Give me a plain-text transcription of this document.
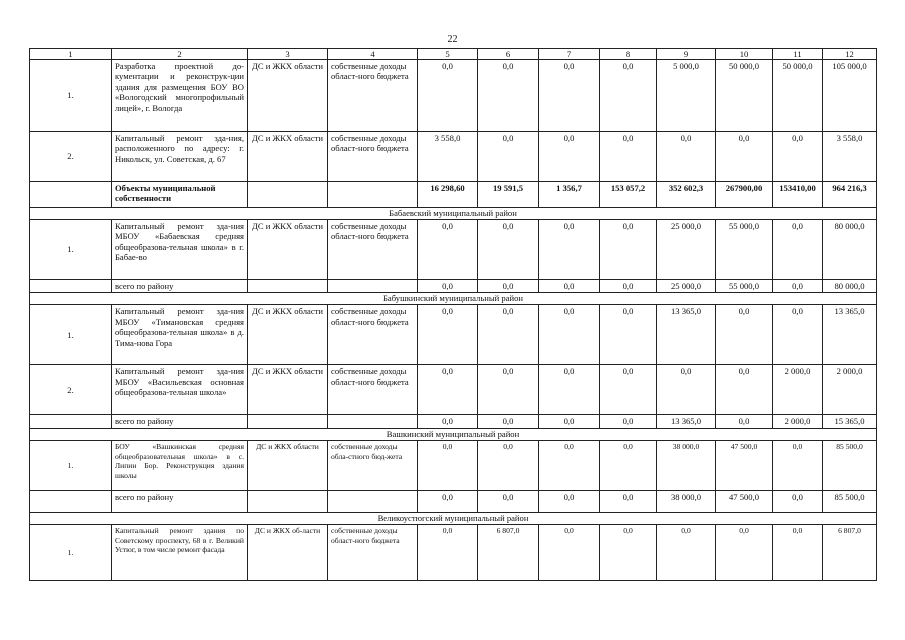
22
1	2	3	4	5	6	7	8	9	10	11	12
1.	Разработка проектной до-кументации и реконструк-ции здания для размещения БОУ ВО «Вологодский многопрофильный лицей», г. Вологда	ДС и ЖКХ области	собственные доходы област-ного бюджета	0,0	0,0	0,0	0,0	5 000,0	50 000,0	50 000,0	105 000,0
2.	Капитальный ремонт зда-ния, расположенного по адресу: г. Никольск, ул. Советская, д. 67	ДС и ЖКХ области	собственные доходы област-ного бюджета	3 558,0	0,0	0,0	0,0	0,0	0,0	0,0	3 558,0
	Объекты муниципальной собственности			16 298,60	19 591,5	1 356,7	153 057,2	352 602,3	267900,00	153410,00	964 216,3
Бабаевский муниципальный район											
1.	Капитальный ремонт зда-ния МБОУ «Бабаевская средняя общеобразова-тельная школа» в г. Бабае-во	ДС и ЖКХ области	собственные доходы област-ного бюджета	0,0	0,0	0,0	0,0	25 000,0	55 000,0	0,0	80 000,0
	всего по району			0,0	0,0	0,0	0,0	25 000,0	55 000,0	0,0	80 000,0
Бабушкинский муниципальный район											
1.	Капитальный ремонт зда-ния МБОУ «Тимановская средняя общеобразова-тельная школа» в д. Тима-нова Гора	ДС и ЖКХ области	собственные доходы област-ного бюджета	0,0	0,0	0,0	0,0	13 365,0	0,0	0,0	13 365,0
2.	Капитальный ремонт зда-ния МБОУ «Васильевская основная общеобразова-тельная школа»	ДС и ЖКХ области	собственные доходы област-ного бюджета	0,0	0,0	0,0	0,0	0,0	0,0	2 000,0	2 000,0
	всего по району			0,0	0,0	0,0	0,0	13 365,0	0,0	2 000,0	15 365,0
Вашкинский муниципальный район											
1.	БОУ «Вашкинская средняя общеобразовательная школа» в с. Липин Бор. Реконструкция здания школы	ДС и ЖКХ области	собственные доходы обла-стного бюд-жета	0,0	0,0	0,0	0,0	38 000,0	47 500,0	0,0	85 500,0
	всего по району			0,0	0,0	0,0	0,0	38 000,0	47 500,0	0,0	85 500,0
Великоустюгский муниципальный район											
1.	Капитальный ремонт здания по Советскому проспекту, 68 в г. Великий Устюг, в том числе ремонт фасада	ДС и ЖКХ об-ласти	собственные доходы област-ного бюджета	0,0	6 807,0	0,0	0,0	0,0	0,0	0,0	6 807,0
